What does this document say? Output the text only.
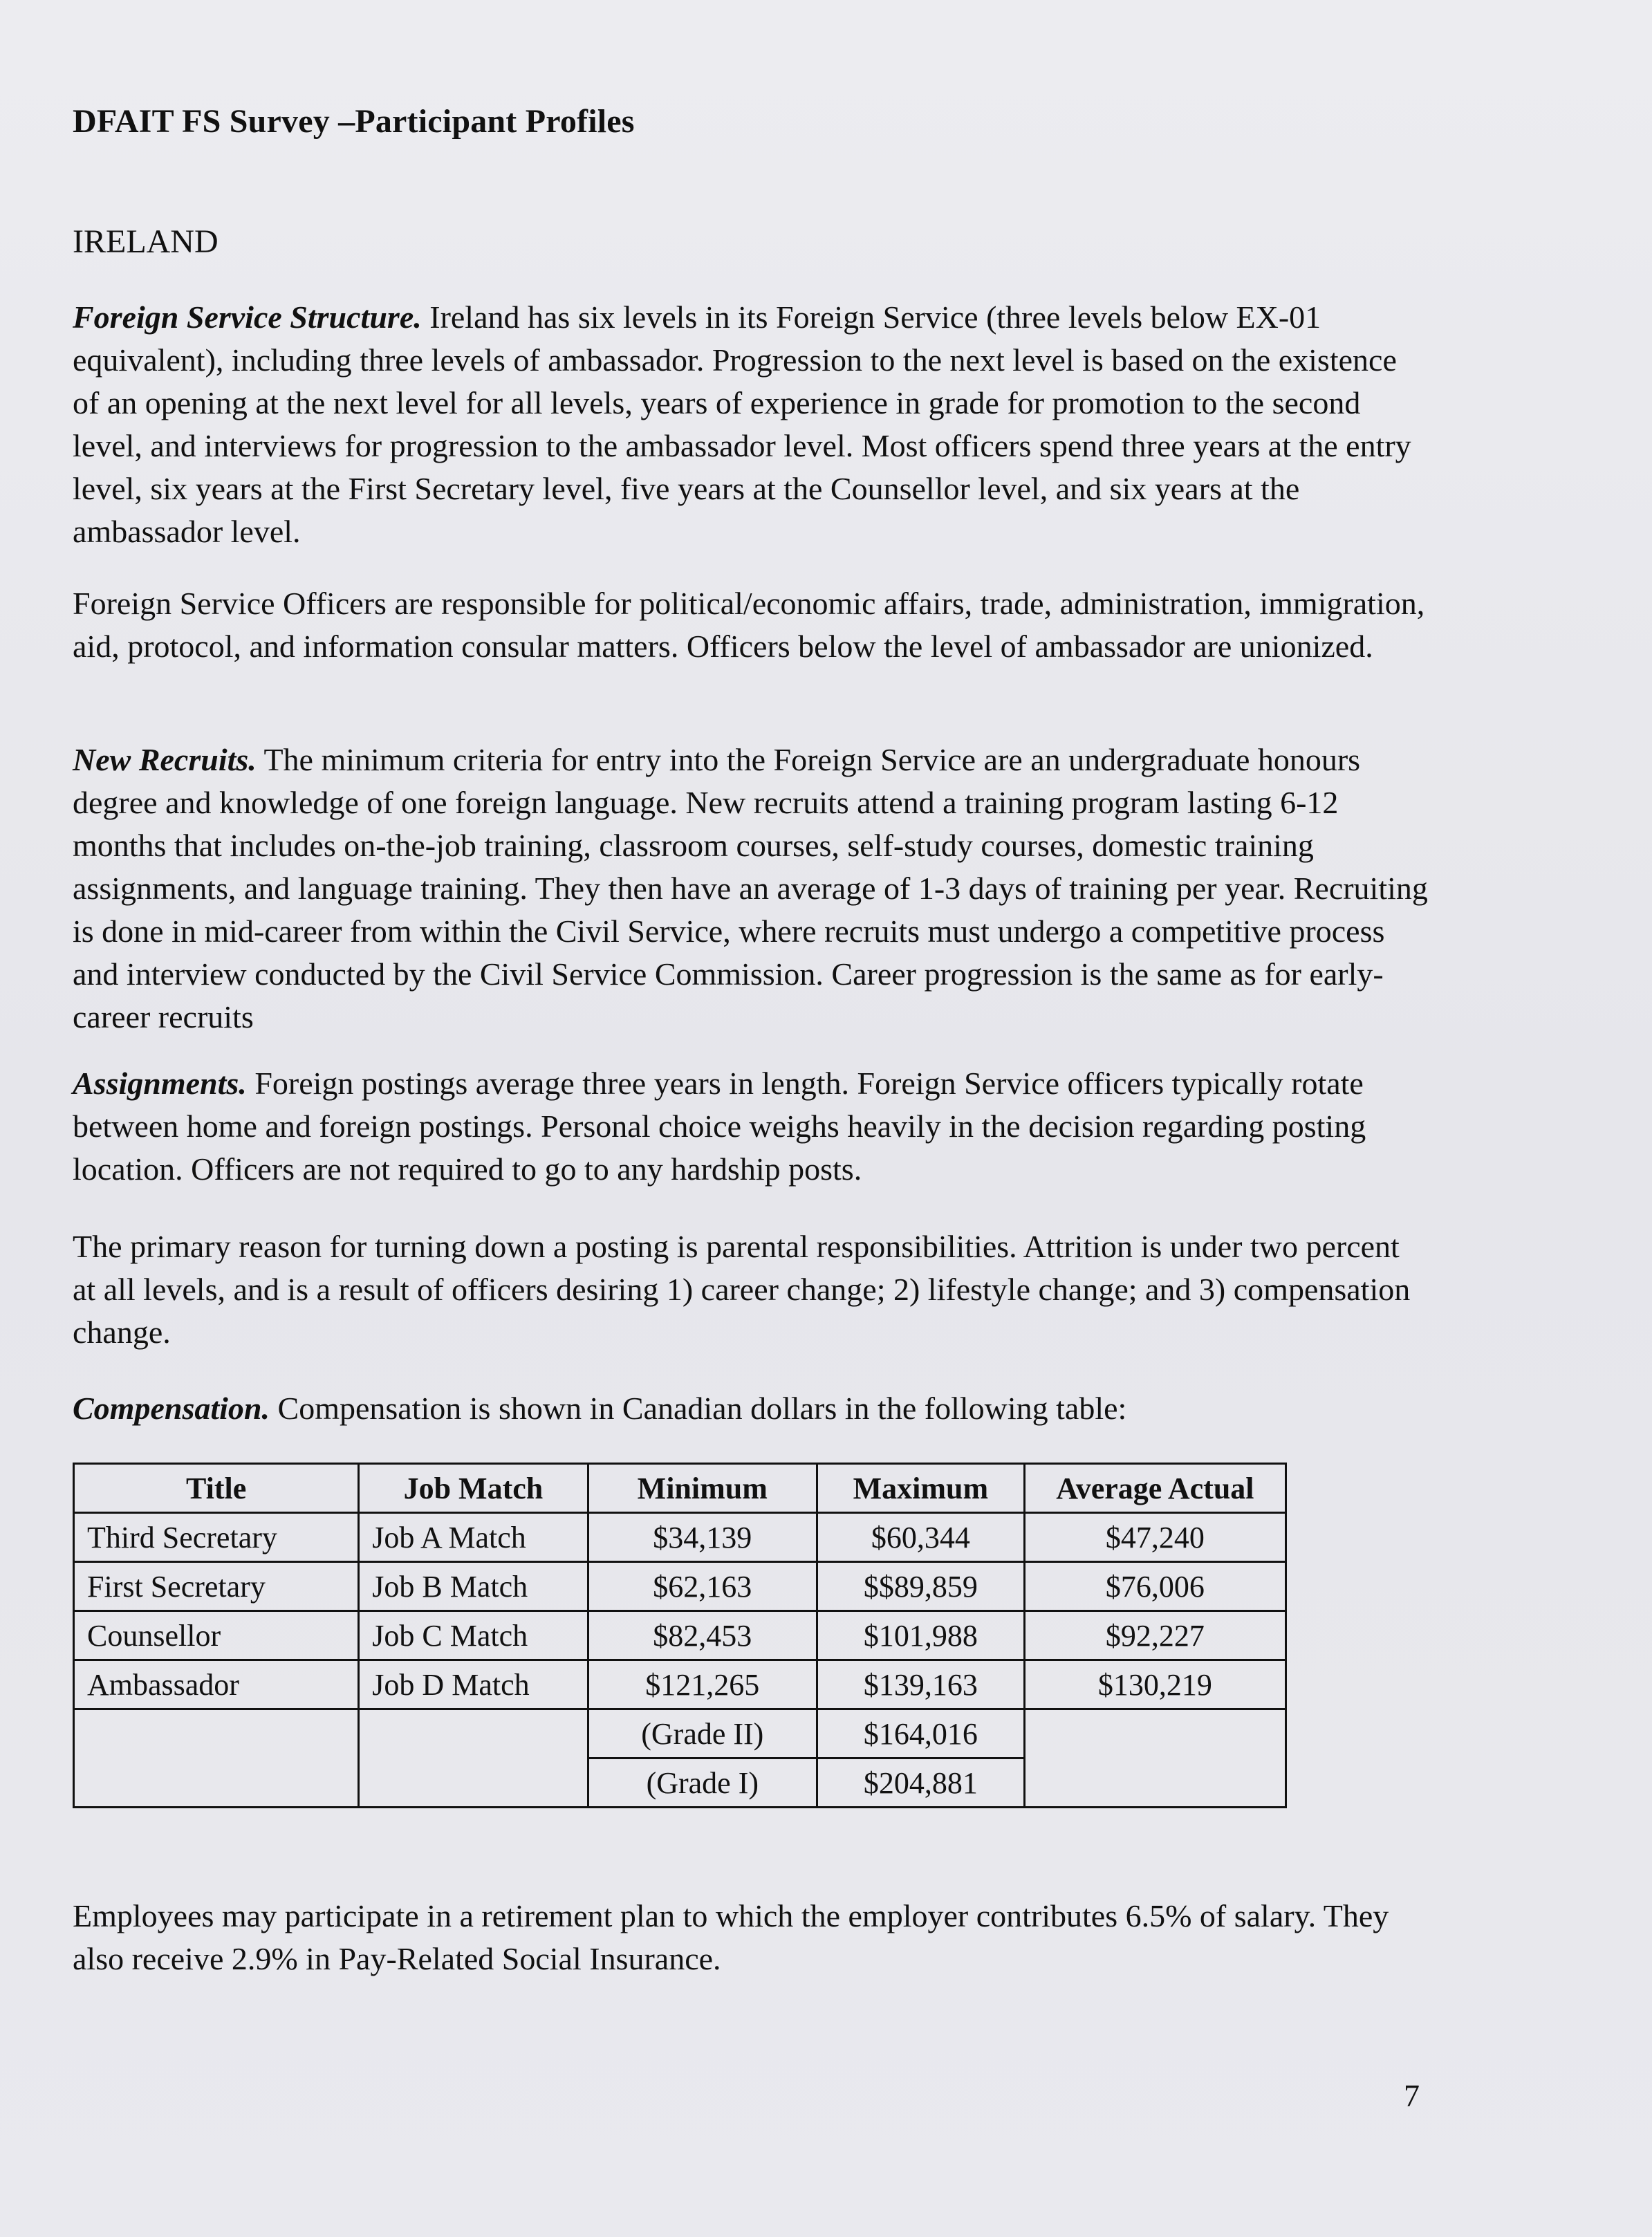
DFAIT FS Survey –Participant Profiles
IRELAND
Foreign Service Structure. Ireland has six levels in its Foreign Service (three levels below EX-01 equivalent), including three levels of ambassador. Progression to the next level is based on the existence of an opening at the next level for all levels, years of experience in grade for promotion to the second level, and interviews for progression to the ambassador level. Most officers spend three years at the entry level, six years at the First Secretary level, five years at the Counsellor level, and six years at the ambassador level.
Foreign Service Officers are responsible for political/economic affairs, trade, administration, immigration, aid, protocol, and information consular matters. Officers below the level of ambassador are unionized.
New Recruits. The minimum criteria for entry into the Foreign Service are an undergraduate honours degree and knowledge of one foreign language. New recruits attend a training program lasting 6-12 months that includes on-the-job training, classroom courses, self-study courses, domestic training assignments, and language training. They then have an average of 1-3 days of training per year. Recruiting is done in mid-career from within the Civil Service, where recruits must undergo a competitive process and interview conducted by the Civil Service Commission. Career progression is the same as for early-career recruits
Assignments. Foreign postings average three years in length. Foreign Service officers typically rotate between home and foreign postings. Personal choice weighs heavily in the decision regarding posting location. Officers are not required to go to any hardship posts.
The primary reason for turning down a posting is parental responsibilities. Attrition is under two percent at all levels, and is a result of officers desiring 1) career change; 2) lifestyle change; and 3) compensation change.
Compensation. Compensation is shown in Canadian dollars in the following table:
Title	Job Match	Minimum	Maximum	Average Actual
Third Secretary	Job A Match	$34,139	$60,344	$47,240
First Secretary	Job B Match	$62,163	$$89,859	$76,006
Counsellor	Job C Match	$82,453	$101,988	$92,227
Ambassador	Job D Match	$121,265	$139,163	$130,219
		(Grade II)	$164,016	
		(Grade I)	$204,881	
Employees may participate in a retirement plan to which the employer contributes 6.5% of salary. They also receive 2.9% in Pay-Related Social Insurance.
7
